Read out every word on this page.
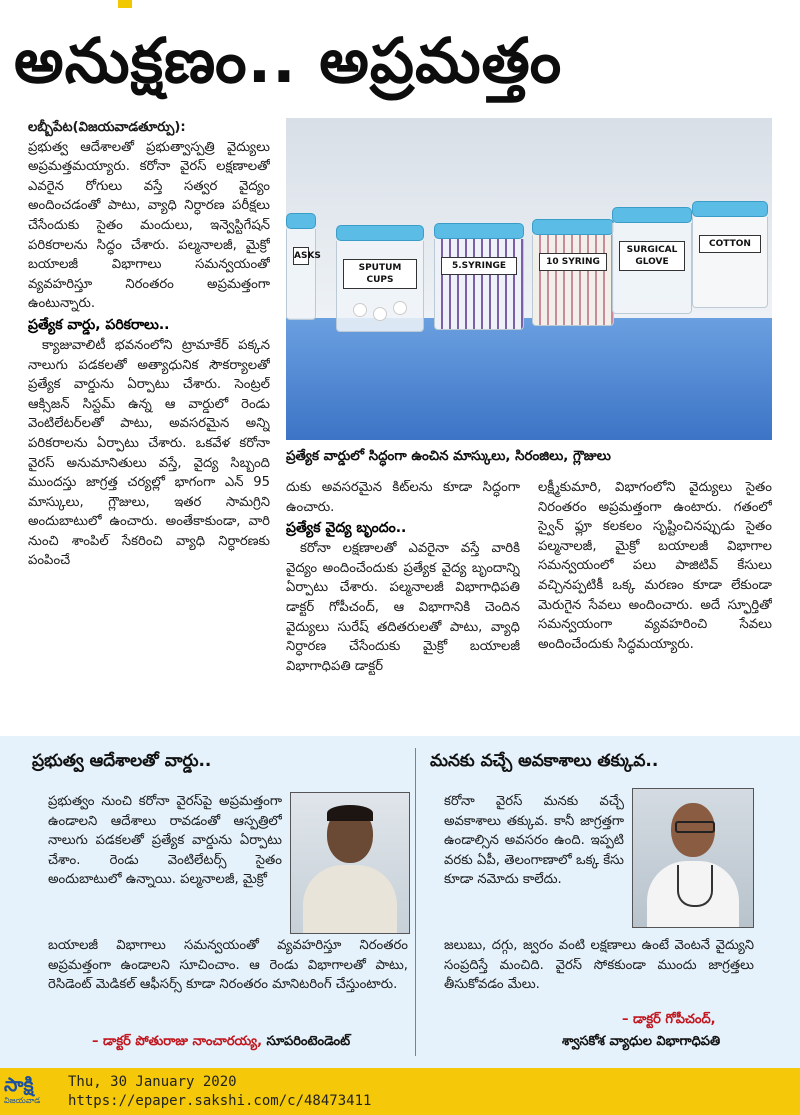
అనుక్షణం.. అప్రమత్తం
లబ్బీపేట(విజయవాడతూర్పు):

ప్రభుత్వ ఆదేశాలతో ప్రభుత్వాస్పత్రి వైద్యులు అప్రమత్తమయ్యారు. కరోనా వైరస్ లక్షణాలతో ఎవరైన రోగులు వస్తే సత్వర వైద్యం అందించడంతో పాటు, వ్యాధి నిర్ధారణ పరీక్షలు చేసేందుకు సైతం మందులు, ఇన్వెస్టిగేషన్ పరికరాలను సిద్ధం చేశారు. పల్మనాలజీ, మైక్రో బయాలజీ విభాగాలు సమన్వయంతో వ్యవహరిస్తూ నిరంతరం అప్రమత్తంగా ఉంటున్నారు.

ప్రత్యేక వార్డు, పరికరాలు..

క్యాజువాలిటీ భవనంలోని ట్రామాకేర్ పక్కన నాలుగు పడకలతో అత్యాధునిక సౌకర్యాలతో ప్రత్యేక వార్డును ఏర్పాటు చేశారు. సెంట్రల్ ఆక్సిజన్ సిస్టమ్ ఉన్న ఆ వార్డులో రెండు వెంటిలేటర్‌లతో పాటు, అవసరమైన అన్ని పరికరాలను ఏర్పాటు చేశారు. ఒకవేళ కరోనా వైరస్ అనుమానితులు వస్తే, వైద్య సిబ్బంది ముందస్తు జాగ్రత్త చర్యల్లో భాగంగా ఎన్ 95 మాస్కులు, గ్లౌజులు, ఇతర సామగ్రిని అందుబాటులో ఉంచారు. అంతేకాకుండా, వారి నుంచి శాంపిల్ సేకరించి వ్యాధి నిర్ధారణకు పంపించే

ASKS
SPUTUM CUPS
5.SYRINGE	10 SYRING
SURGICAL GLOVE
COTTON
ప్రత్యేక వార్డులో సిద్ధంగా ఉంచిన మాస్కులు, సిరంజిలు, గ్లౌజులు

దుకు అవసరమైన కిట్‌లను కూడా సిద్ధంగా ఉంచారు.

ప్రత్యేక వైద్య బృందం..

కరోనా లక్షణాలతో ఎవరైనా వస్తే వారికి వైద్యం అందించేందుకు ప్రత్యేక వైద్య బృందాన్ని ఏర్పాటు చేశారు. పల్మనాలజీ విభాగాధిపతి డాక్టర్ గోపీచంద్, ఆ విభాగానికి చెందిన వైద్యులు సురేష్ తదితరులతో పాటు, వ్యాధి నిర్ధారణ చేసేందుకు మైక్రో బయాలజీ విభాగాధిపతి డాక్టర్

లక్ష్మీకుమారి, విభాగంలోని వైద్యులు సైతం నిరంతరం అప్రమత్తంగా ఉంటారు. గతంలో స్వైన్ ఫ్లూ కలకలం సృష్టించినప్పుడు సైతం పల్మనాలజీ, మైక్రో బయాలజీ విభాగాల సమన్వయంలో పలు పాజిటివ్ కేసులు వచ్చినప్పటికీ ఒక్క మరణం కూడా లేకుండా మెరుగైన సేవలు అందించారు. అదే స్ఫూర్తితో సమన్వయంగా వ్యవహరించి సేవలు అందించేందుకు సిద్ధమయ్యారు.

ప్రభుత్వ ఆదేశాలతో వార్డు..
ప్రభుత్వం నుంచి కరోనా వైరస్‌పై అప్రమత్తంగా ఉండాలని ఆదేశాలు రావడంతో ఆస్పత్రిలో నాలుగు పడకలతో ప్రత్యేక వార్డును ఏర్పాటు చేశాం. రెండు వెంటిలేటర్స్ సైతం అందుబాటులో ఉన్నాయి. పల్మనాలజీ, మైక్రో
బయాలజీ విభాగాలు సమన్వయంతో వ్యవహరిస్తూ నిరంతరం అప్రమత్తంగా ఉండాలని సూచించాం. ఆ రెండు విభాగాలతో పాటు, రెసిడెంట్ మెడికల్ ఆఫీసర్స్ కూడా నిరంతరం మానిటరింగ్ చేస్తుంటారు.
– డాక్టర్ పోతురాజు నాంచారయ్య, సూపరింటెండెంట్
మనకు వచ్చే అవకాశాలు తక్కువ..
కరోనా వైరస్ మనకు వచ్చే అవకాశాలు తక్కువ. కానీ జాగ్రత్తగా ఉండాల్సిన అవసరం ఉంది. ఇప్పటి వరకు ఏపీ, తెలంగాణాలో ఒక్క కేసు కూడా నమోదు కాలేదు.
జలుబు, దగ్గు, జ్వరం వంటి లక్షణాలు ఉంటే వెంటనే వైద్యుని సంప్రదిస్తే మంచిది. వైరస్ సోకకుండా ముందు జాగ్రత్తలు తీసుకోవడం మేలు.
– డాక్టర్ గోపీచంద్,
శ్వాసకోశ వ్యాధుల విభాగాధిపతి
సాక్షి
విజయవాడ
Thu, 30 January 2020
https://epaper.sakshi.com/c/48473411
